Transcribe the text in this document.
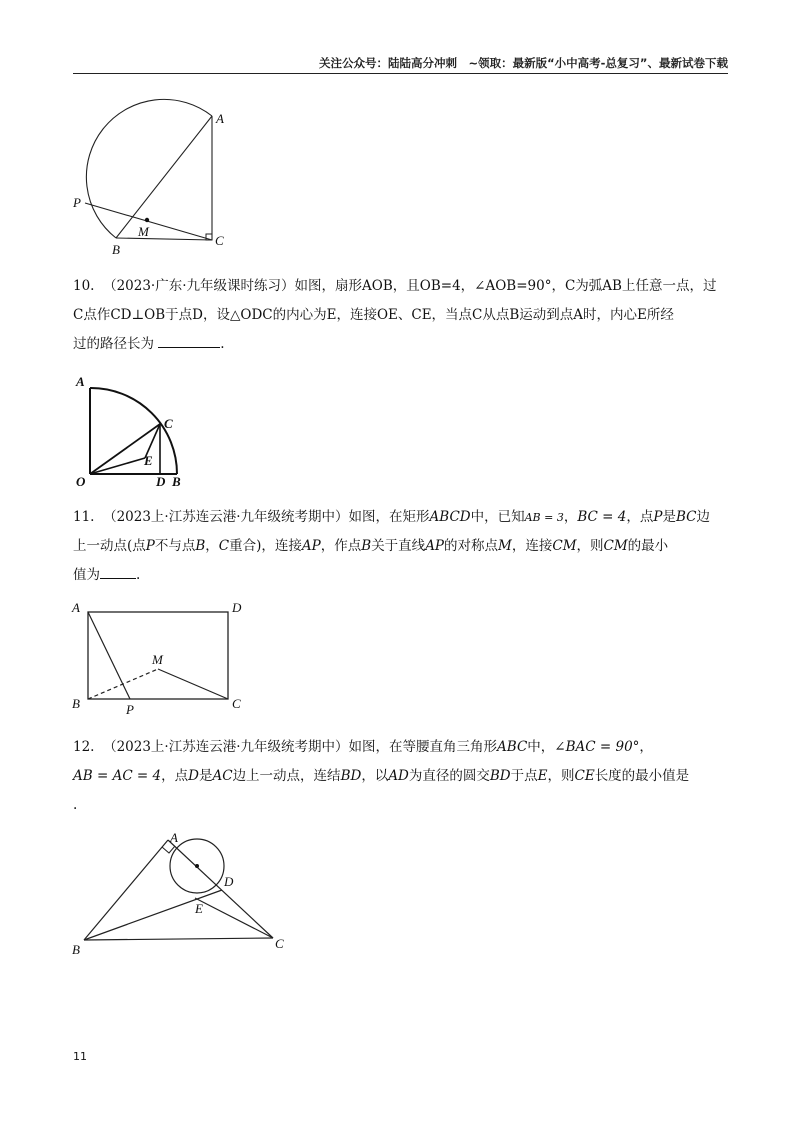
关注公众号：陆陆高分冲刺　~领取：最新版“小中高考-总复习”、最新试卷下载
A
P
M
B
C
10. （2023·广东·九年级课时练习）如图，扇形AOB，且OB=4，∠AOB=90°，C为弧AB上任意一点，过
C点作CD⊥OB于点D，设△ODC的内心为E，连接OE、CE，当点C从点B运动到点A时，内心E所经
过的路径长为	.
A
C
E
O	D B
11. （2023上·江苏连云港·九年级统考期中）如图，在矩形ABCD中，已知AB = 3，BC = 4，点P是BC边
上一动点(点P不与点B，C重合)，连接AP，作点B关于直线AP的对称点M，连接CM，则CM的最小
值为	.
A	D
M
B	P	C
12. （2023上·江苏连云港·九年级统考期中）如图，在等腰直角三角形ABC中，∠BAC = 90°，
AB = AC = 4，点D是AC边上一动点，连结BD，以AD为直径的圆交BD于点E，则CE长度的最小值是
.
A
D
E
B	C
11
